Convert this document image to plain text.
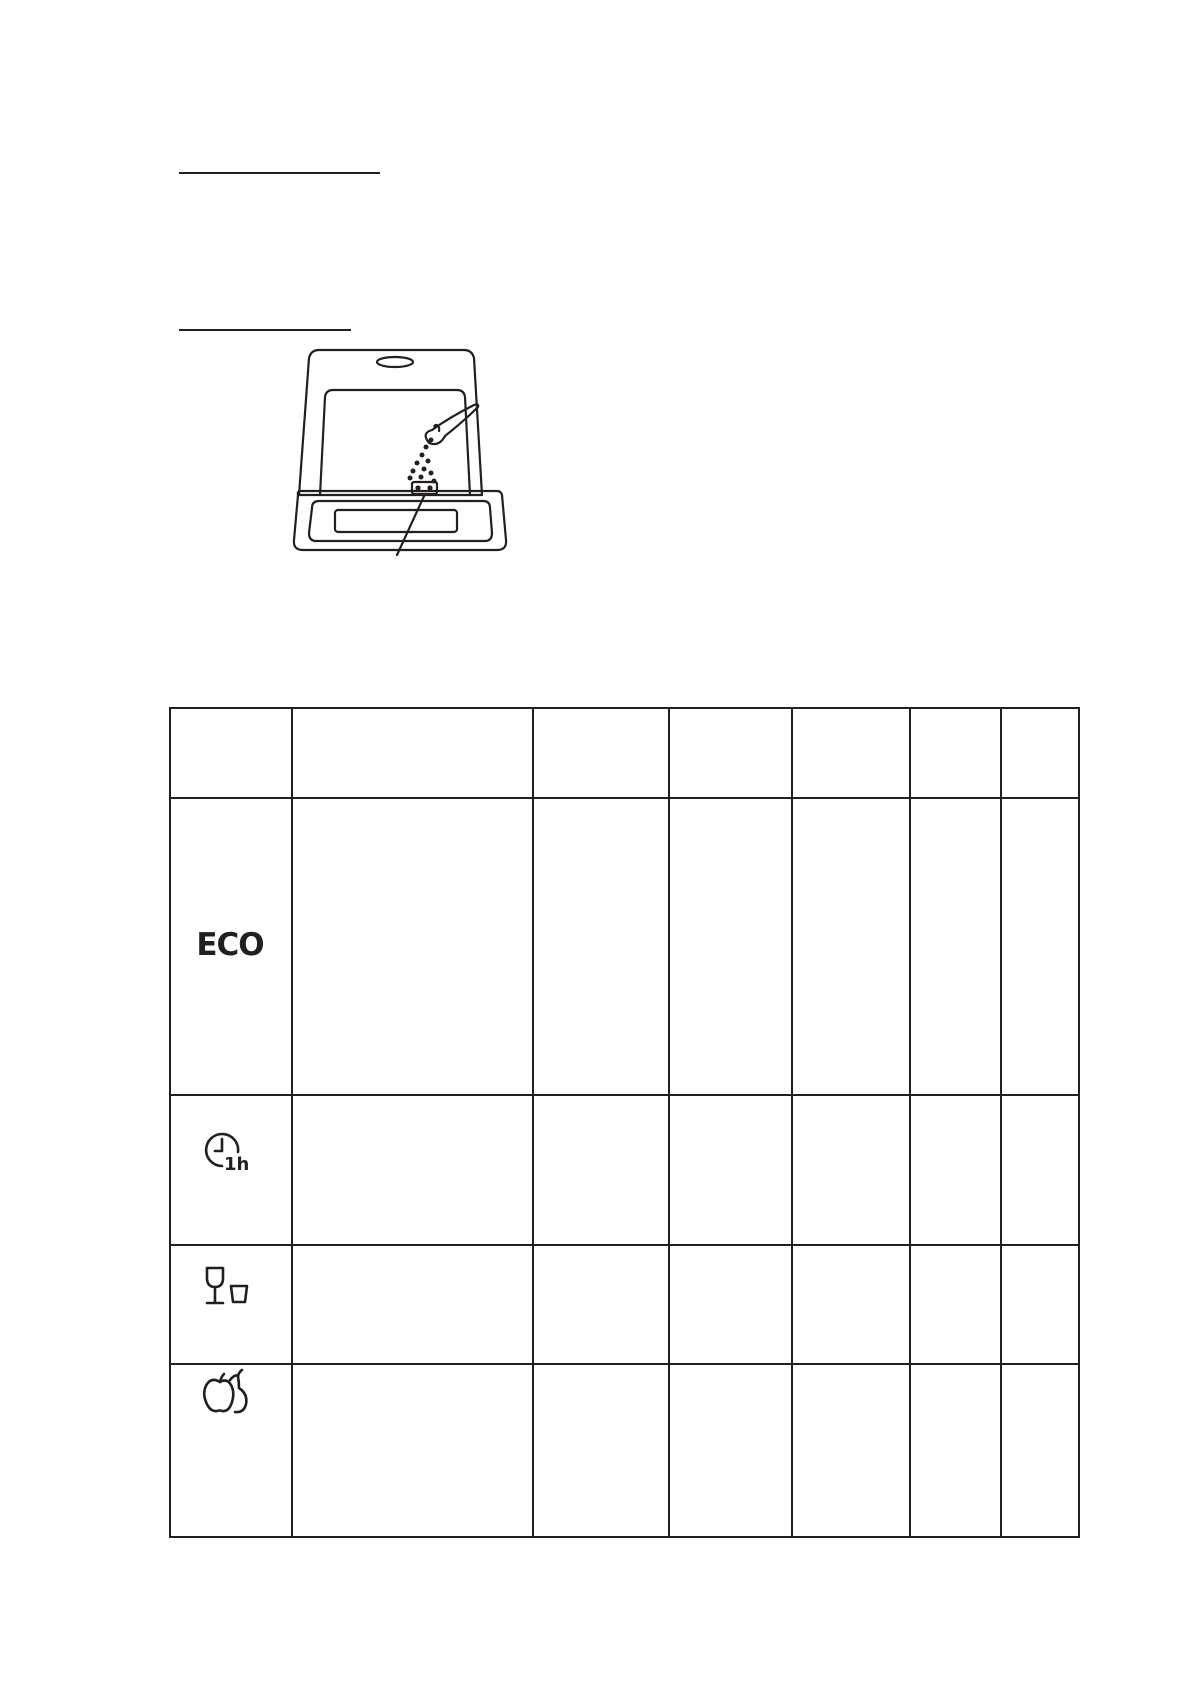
ECO
1h
